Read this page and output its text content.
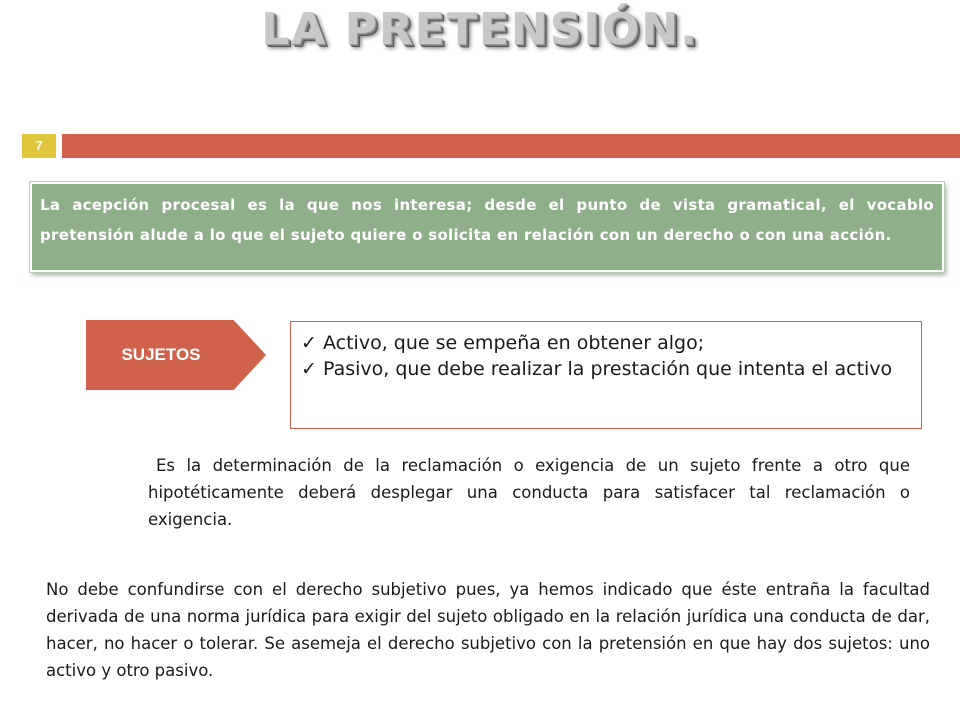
LA PRETENSIÓN.
7

La acepción procesal es la que nos interesa; desde el punto de vista gramatical, el vocablo pretensión alude a lo que el sujeto quiere o solicita en relación con un derecho o con una acción.

SUJETOS
✓ Activo, que se empeña en obtener algo;
✓ Pasivo, que debe realizar la prestación que intenta el activo

Es la determinación de la reclamación o exigencia de un sujeto frente a otro que hipotéticamente deberá desplegar una conducta para satisfacer tal reclamación o exigencia.

No debe confundirse con el derecho subjetivo pues, ya hemos indicado que éste entraña la facultad derivada de una norma jurídica para exigir del sujeto obligado en la relación jurídica una conducta de dar, hacer, no hacer o tolerar. Se asemeja el derecho subjetivo con la pretensión en que hay dos sujetos: uno activo y otro pasivo.
